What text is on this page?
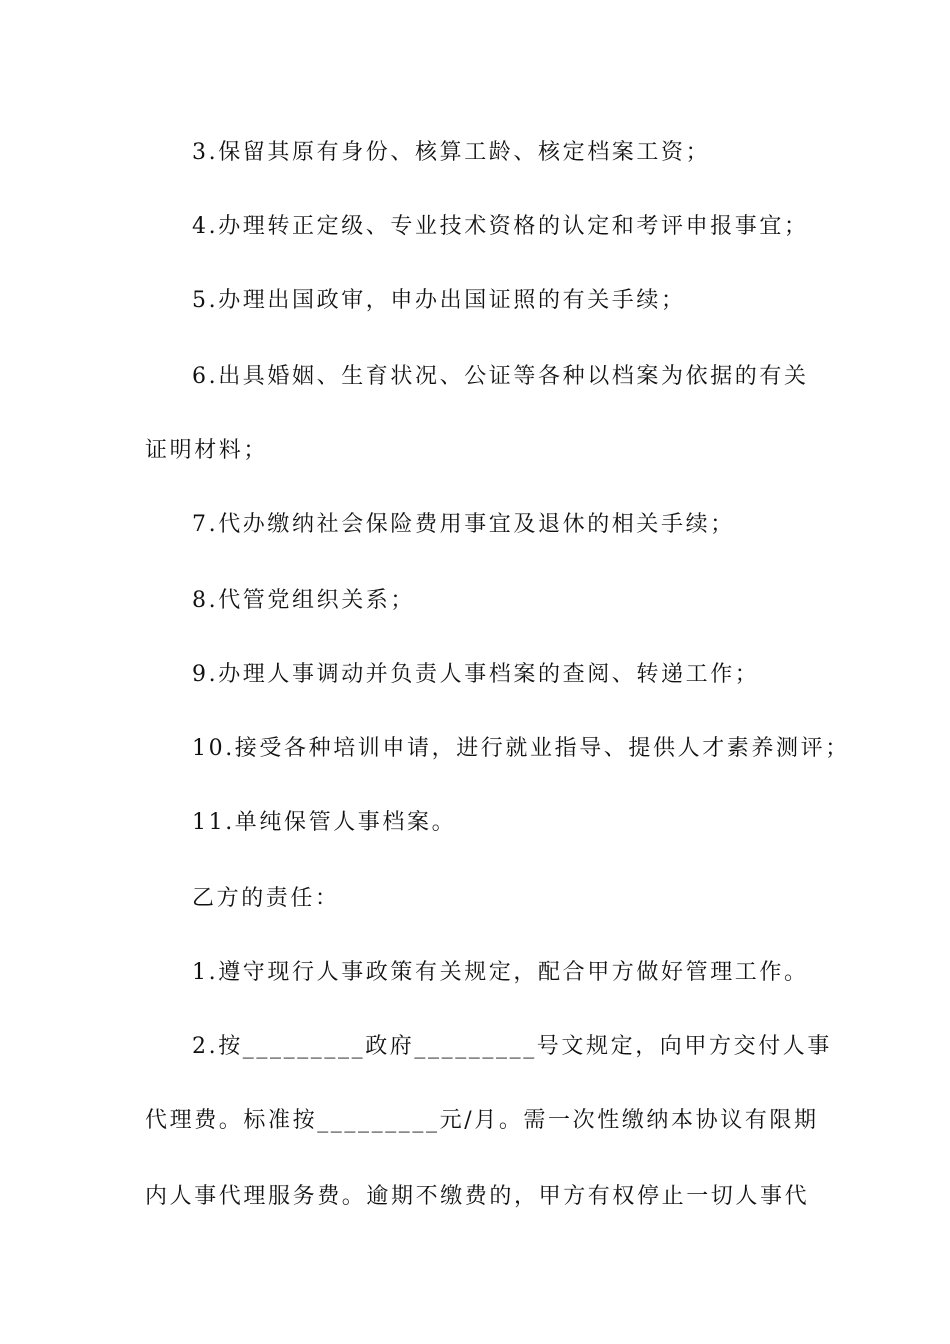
3.保留其原有身份、核算工龄、核定档案工资；
4.办理转正定级、专业技术资格的认定和考评申报事宜；
5.办理出国政审，申办出国证照的有关手续；
6.出具婚姻、生育状况、公证等各种以档案为依据的有关
证明材料；
7.代办缴纳社会保险费用事宜及退休的相关手续；
8.代管党组织关系；
9.办理人事调动并负责人事档案的查阅、转递工作；
10.接受各种培训申请，进行就业指导、提供人才素养测评；
11.单纯保管人事档案。
乙方的责任：
1.遵守现行人事政策有关规定，配合甲方做好管理工作。
2.按_________政府_________号文规定，向甲方交付人事
代理费。标准按_________元/月。需一次性缴纳本协议有限期
内人事代理服务费。逾期不缴费的，甲方有权停止一切人事代
